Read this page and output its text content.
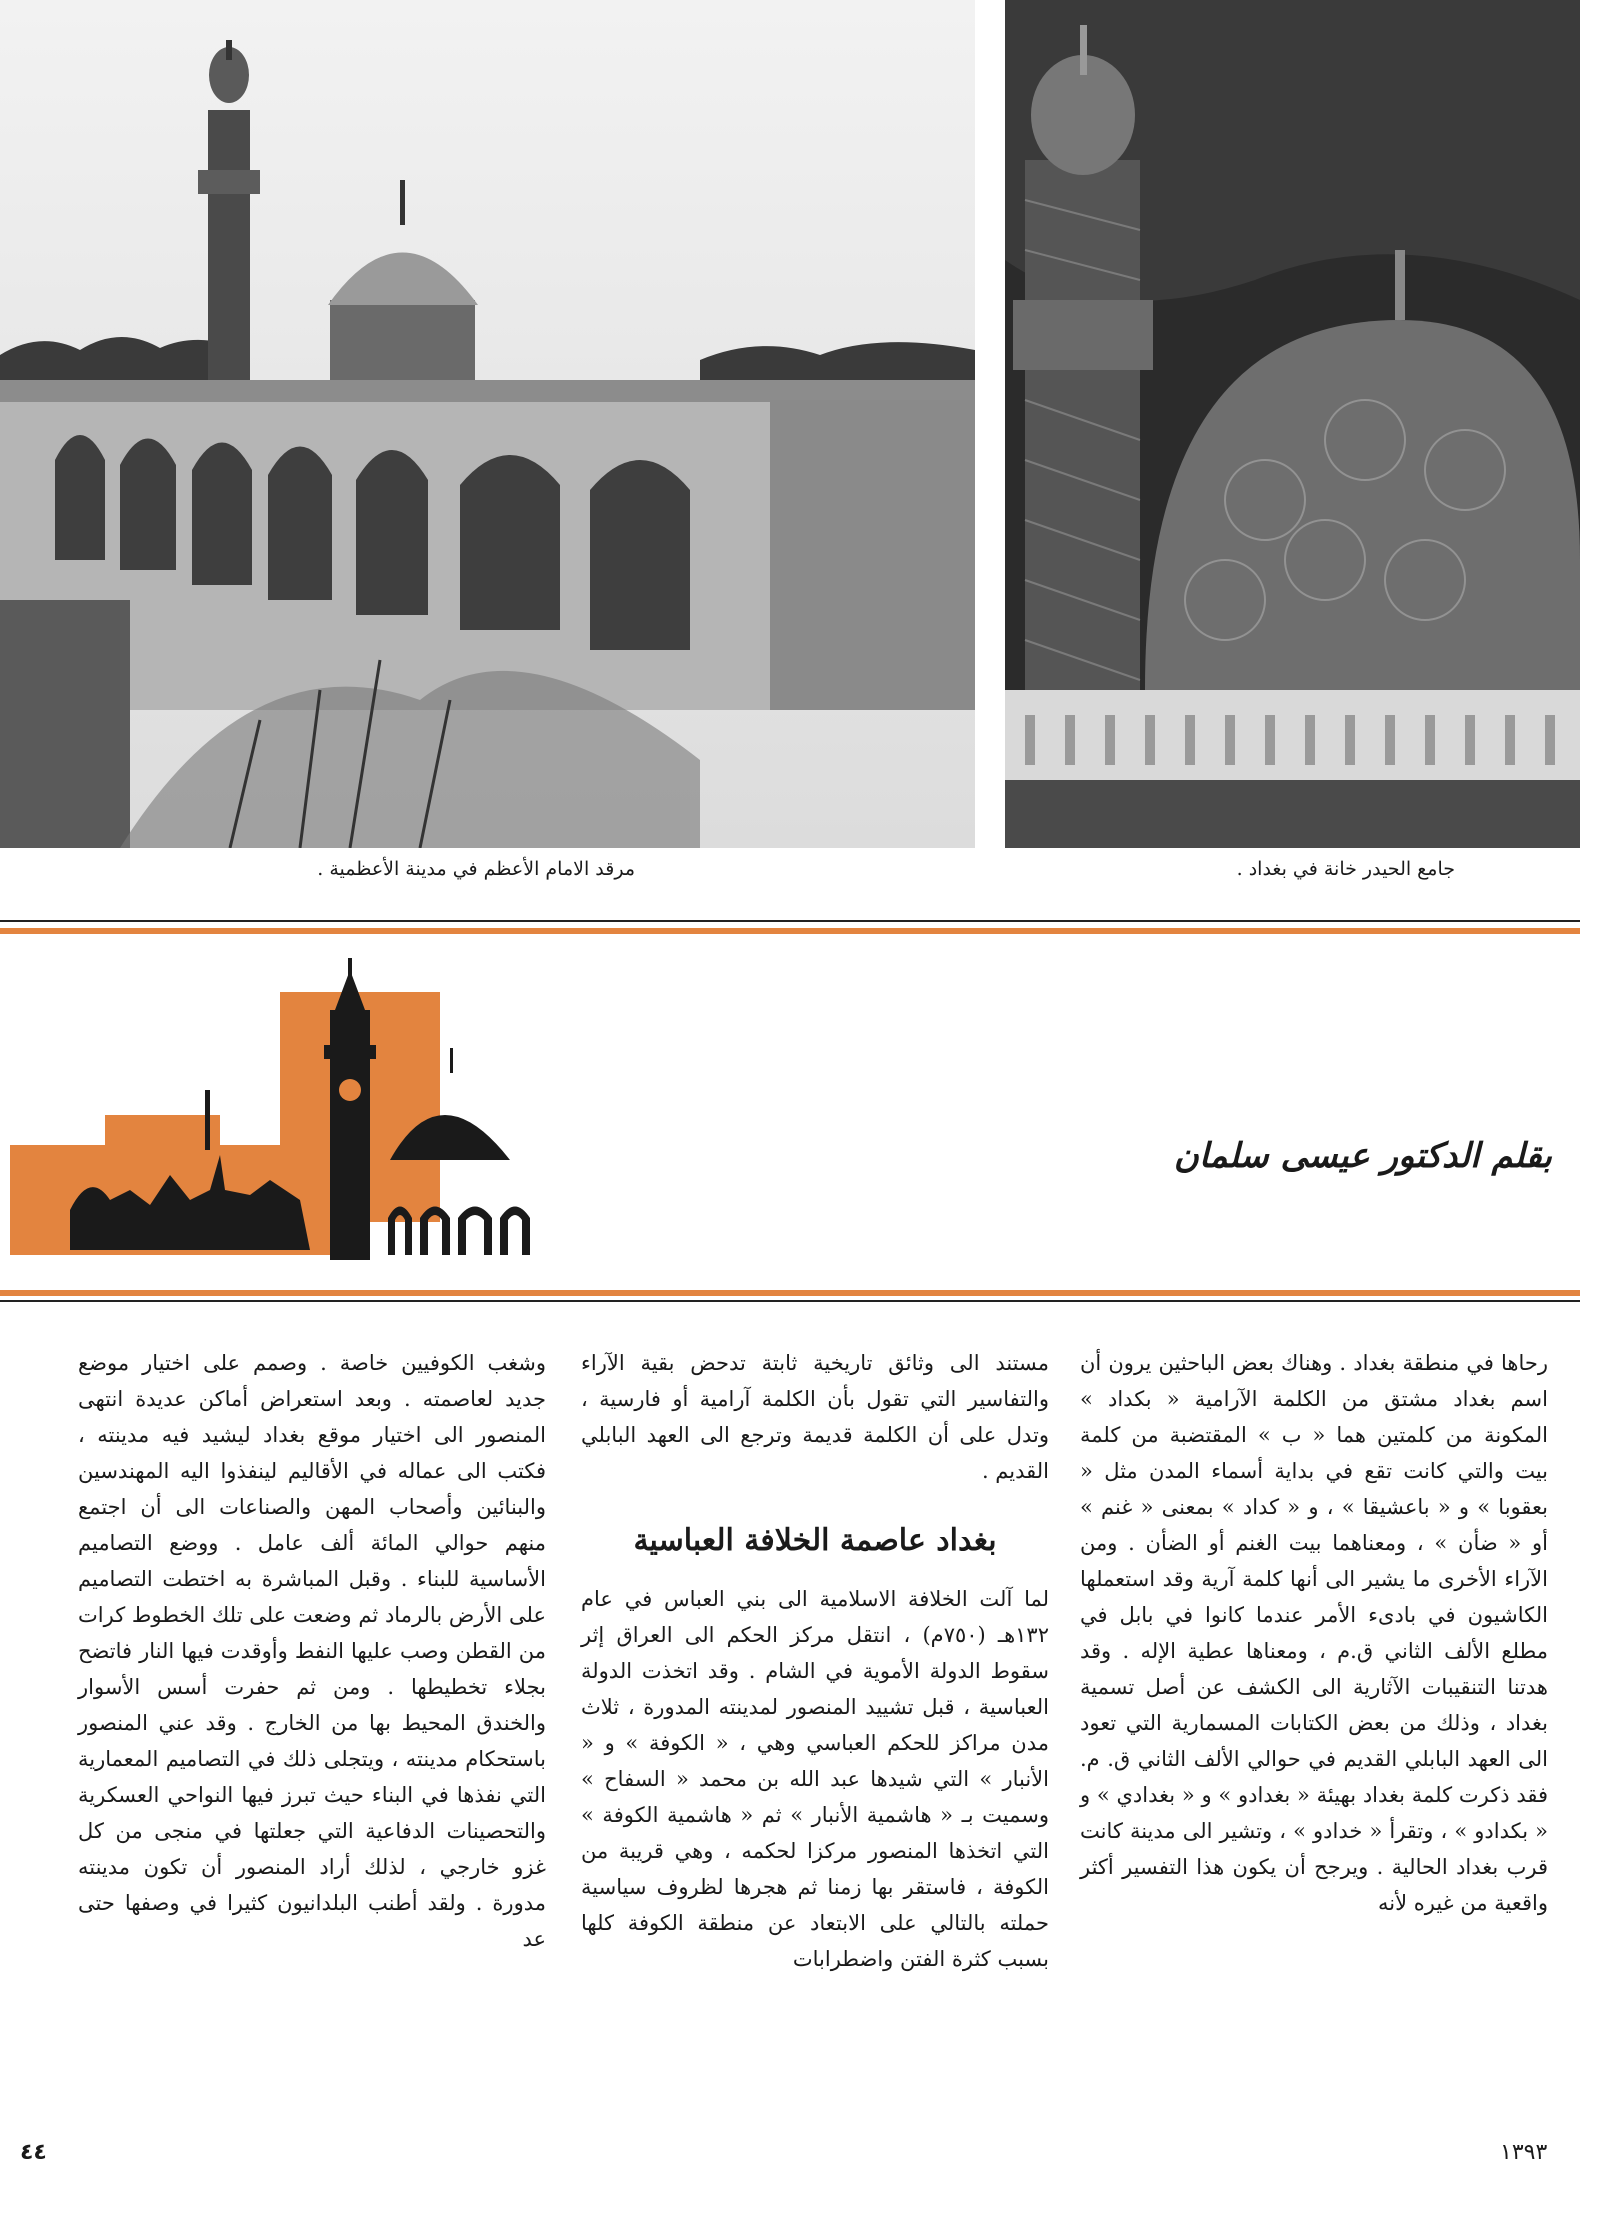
مرقد الامام الأعظم في مدينة الأعظمية .	جامع الحيدر خانة في بغداد .
بقلم الدكتور عيسى سلمان
رحاها في منطقة بغداد . وهناك بعض الباحثين يرون أن اسم بغداد مشتق من الكلمة الآرامية « بكداد » المكونة من كلمتين هما « ب » المقتضبة من كلمة بيت والتي كانت تقع في بداية أسماء المدن مثل « بعقوبا » و « باعشيقا » ، و « كداد » بمعنى « غنم » أو « ضأن » ، ومعناهما بيت الغنم أو الضأن . ومن الآراء الأخرى ما يشير الى أنها كلمة آرية وقد استعملها الكاشيون في بادىء الأمر عندما كانوا في بابل في مطلع الألف الثاني ق.م ، ومعناها عطية الإله . وقد هدتنا التنقيبات الآثارية الى الكشف عن أصل تسمية بغداد ، وذلك من بعض الكتابات المسمارية التي تعود الى العهد البابلي القديم في حوالي الألف الثاني ق. م. فقد ذكرت كلمة بغداد بهيئة « بغدادو » و « بغدادي » و « بكدادو » ، وتقرأ « خدادو » ، وتشير الى مدينة كانت قرب بغداد الحالية . ويرجح أن يكون هذا التفسير أكثر واقعية من غيره لأنه
مستند الى وثائق تاريخية ثابتة تدحض بقية الآراء والتفاسير التي تقول بأن الكلمة آرامية أو فارسية ، وتدل على أن الكلمة قديمة وترجع الى العهد البابلي القديم .
بغداد عاصمة الخلافة العباسية
لما آلت الخلافة الاسلامية الى بني العباس في عام ١٣٢هـ (٧٥٠م) ، انتقل مركز الحكم الى العراق إثر سقوط الدولة الأموية في الشام . وقد اتخذت الدولة العباسية ، قبل تشييد المنصور لمدينته المدورة ، ثلاث مدن مراكز للحكم العباسي وهي ، « الكوفة » و « الأنبار » التي شيدها عبد الله بن محمد « السفاح » وسميت بـ « هاشمية الأنبار » ثم « هاشمية الكوفة » التي اتخذها المنصور مركزا لحكمه ، وهي قريبة من الكوفة ، فاستقر بها زمنا ثم هجرها لظروف سياسية حملته بالتالي على الابتعاد عن منطقة الكوفة كلها بسبب كثرة الفتن واضطرابات
وشغب الكوفيين خاصة . وصمم على اختيار موضع جديد لعاصمته . وبعد استعراض أماكن عديدة انتهى المنصور الى اختيار موقع بغداد ليشيد فيه مدينته ، فكتب الى عماله في الأقاليم لينفذوا اليه المهندسين والبنائين وأصحاب المهن والصناعات الى أن اجتمع منهم حوالي المائة ألف عامل . ووضع التصاميم الأساسية للبناء . وقبل المباشرة به اختطت التصاميم على الأرض بالرماد ثم وضعت على تلك الخطوط كرات من القطن وصب عليها النفط وأوقدت فيها النار فاتضح بجلاء تخطيطها . ومن ثم حفرت أسس الأسوار والخندق المحيط بها من الخارج . وقد عني المنصور باستحكام مدينته ، ويتجلى ذلك في التصاميم المعمارية التي نفذها في البناء حيث تبرز فيها النواحي العسكرية والتحصينات الدفاعية التي جعلتها في منجى من كل غزو خارجي ، لذلك أراد المنصور أن تكون مدينته مدورة . ولقد أطنب البلدانيون كثيرا في وصفها حتى عد
٤٤	١٣٩٣
